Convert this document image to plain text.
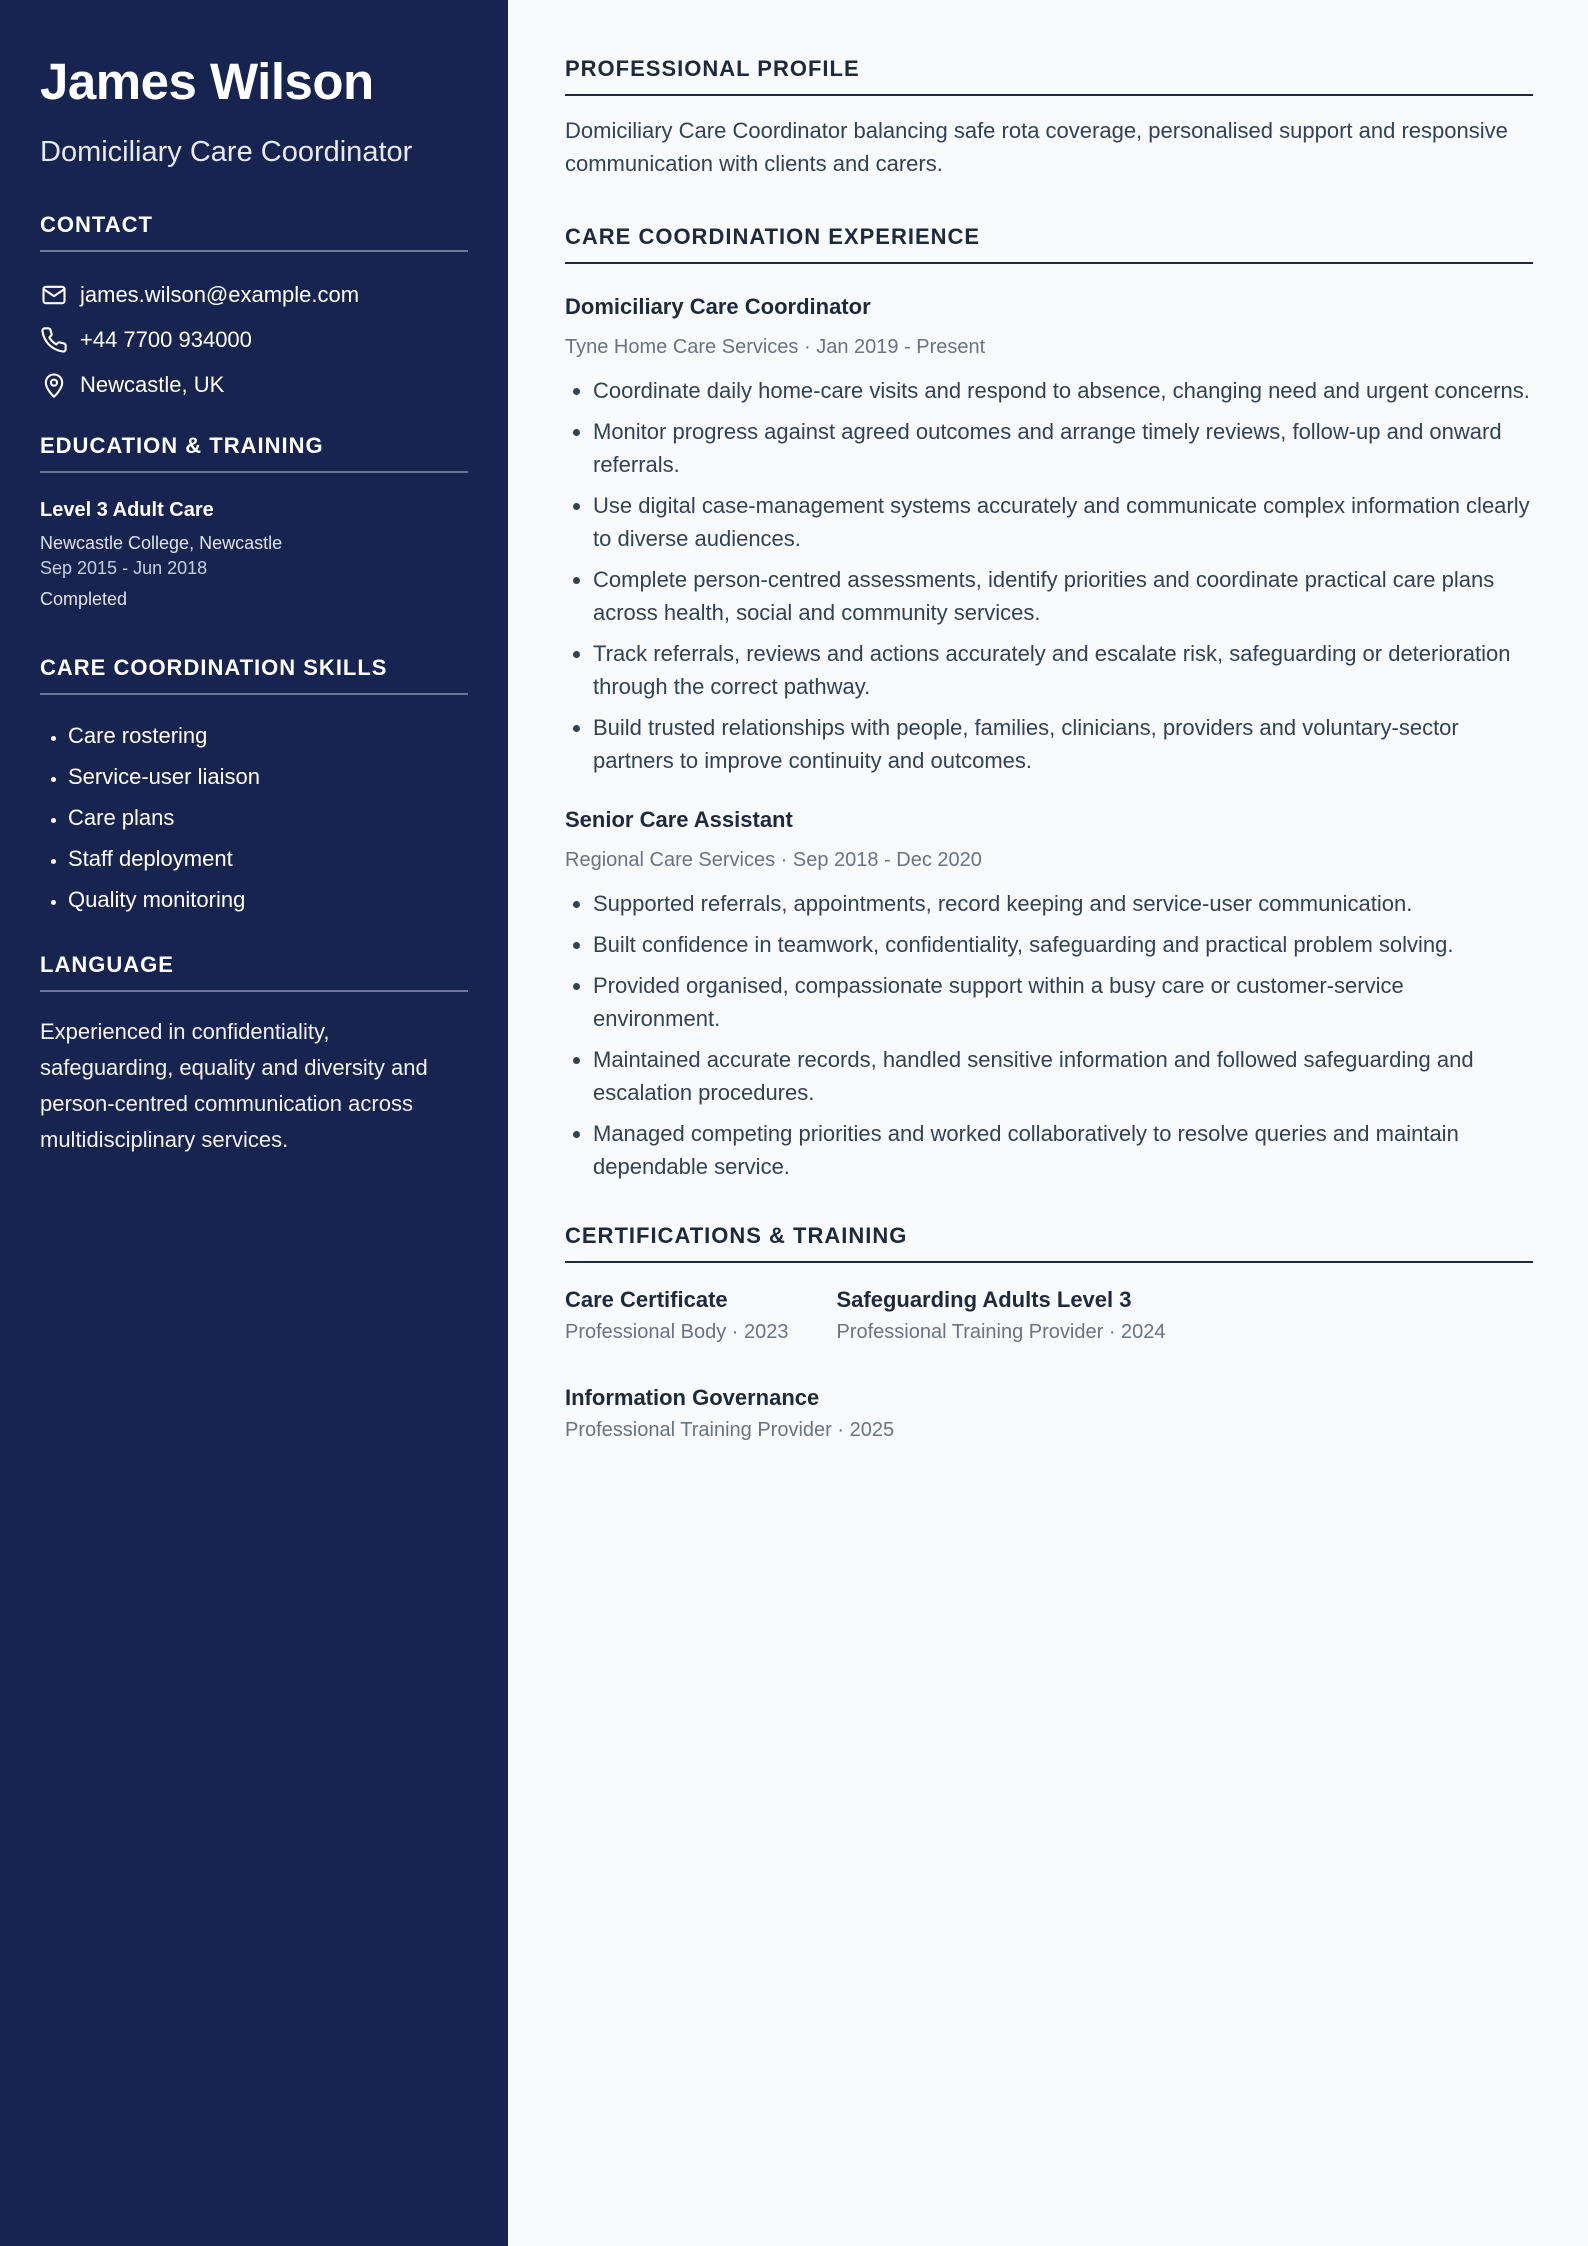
James Wilson
Domiciliary Care Coordinator
CONTACT
james.wilson@example.com
+44 7700 934000
Newcastle, UK
EDUCATION & TRAINING
Level 3 Adult Care
Newcastle College, Newcastle
Sep 2015 - Jun 2018
Completed
CARE COORDINATION SKILLS
• Care rostering
• Service-user liaison
• Care plans
• Staff deployment
• Quality monitoring
LANGUAGE

Experienced in confidentiality, safeguarding, equality and diversity and person-centred communication across multidisciplinary services.

PROFESSIONAL PROFILE

Domiciliary Care Coordinator balancing safe rota coverage, personalised support and responsive communication with clients and carers.

CARE COORDINATION EXPERIENCE
Domiciliary Care Coordinator
Tyne Home Care Services · Jan 2019 - Present
• Coordinate daily home-care visits and respond to absence, changing need and urgent concerns.
• Monitor progress against agreed outcomes and arrange timely reviews, follow-up and onward referrals.
• Use digital case-management systems accurately and communicate complex information clearly to diverse audiences.
• Complete person-centred assessments, identify priorities and coordinate practical care plans across health, social and community services.
• Track referrals, reviews and actions accurately and escalate risk, safeguarding or deterioration through the correct pathway.
• Build trusted relationships with people, families, clinicians, providers and voluntary-sector partners to improve continuity and outcomes.
Senior Care Assistant
Regional Care Services · Sep 2018 - Dec 2020
• Supported referrals, appointments, record keeping and service-user communication.
• Built confidence in teamwork, confidentiality, safeguarding and practical problem solving.
• Provided organised, compassionate support within a busy care or customer-service environment.
• Maintained accurate records, handled sensitive information and followed safeguarding and escalation procedures.
• Managed competing priorities and worked collaboratively to resolve queries and maintain dependable service.
CERTIFICATIONS & TRAINING
Care Certificate
Professional Body · 2023
Safeguarding Adults Level 3
Professional Training Provider · 2024
Information Governance
Professional Training Provider · 2025
